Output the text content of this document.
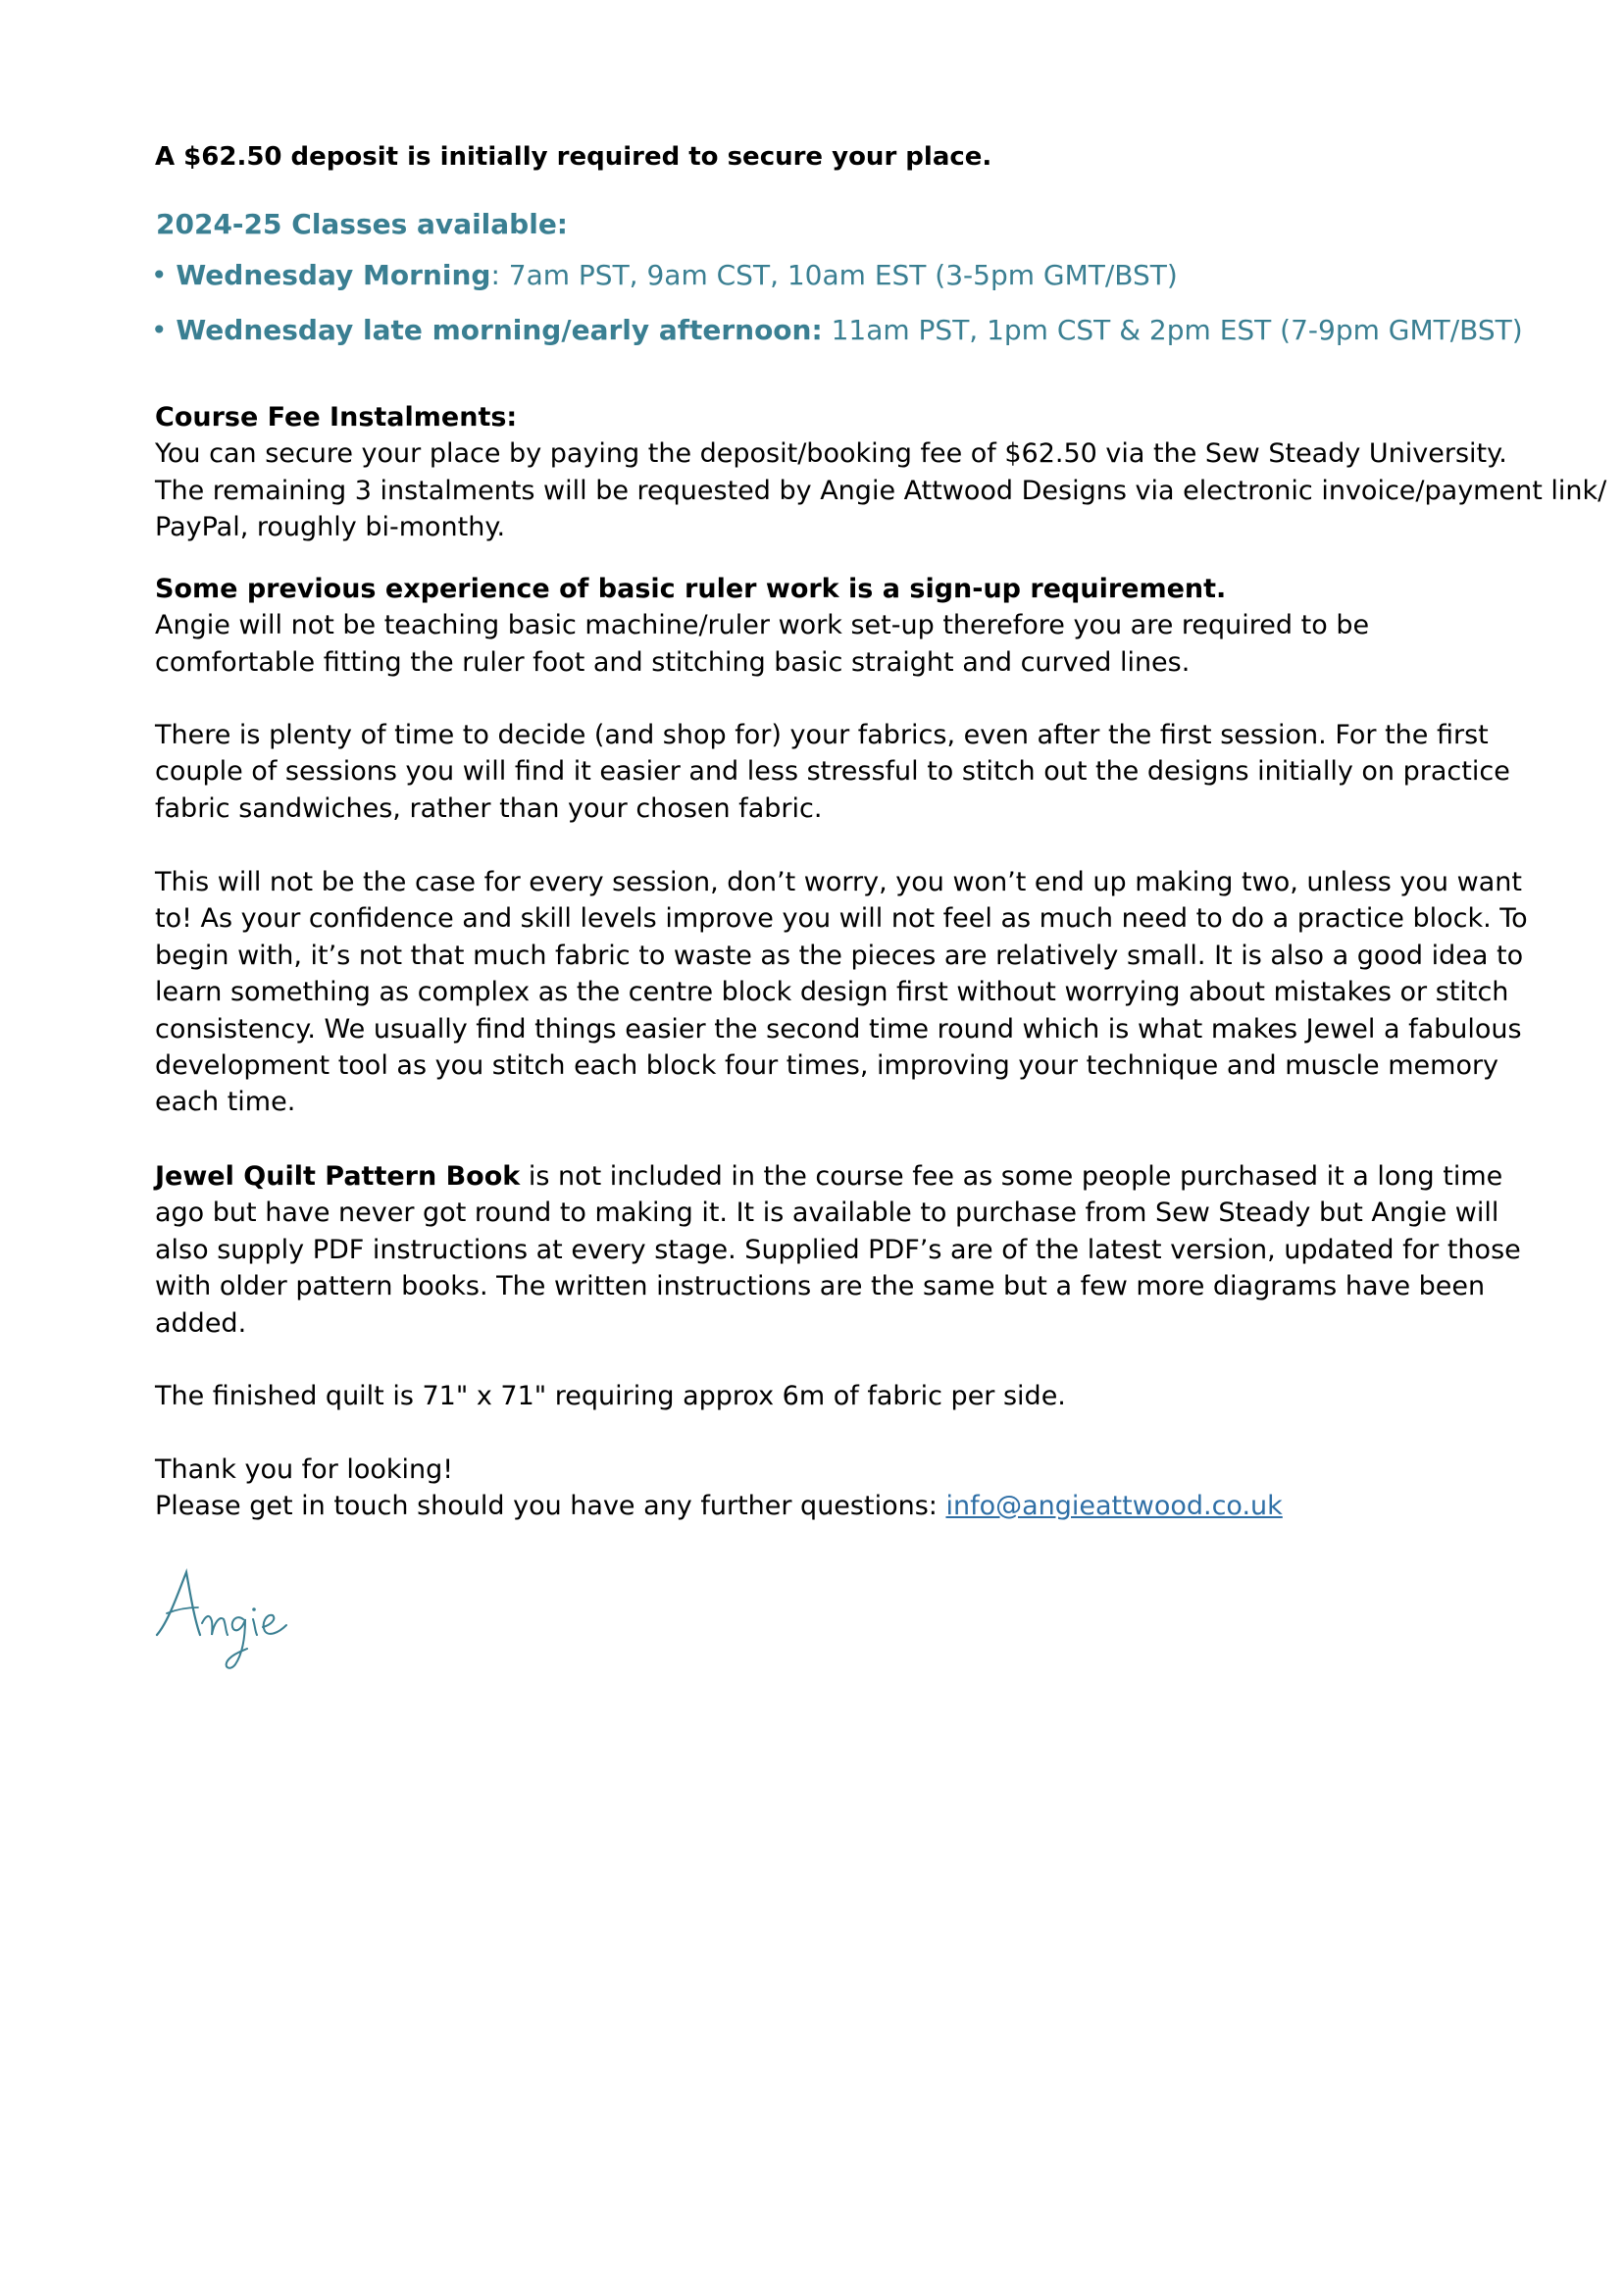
A $62.50 deposit is initially required to secure your place.

2024-25 Classes available:

• Wednesday Morning: 7am PST, 9am CST, 10am EST (3-5pm GMT/BST)

• Wednesday late morning/early afternoon: 11am PST, 1pm CST & 2pm EST (7-9pm GMT/BST)

Course Fee Instalments:
You can secure your place by paying the deposit/booking fee of $62.50 via the Sew Steady University.
The remaining 3 instalments will be requested by Angie Attwood Designs via electronic invoice/payment link/
PayPal, roughly bi-monthy.
Some previous experience of basic ruler work is a sign-up requirement.
Angie will not be teaching basic machine/ruler work set-up therefore you are required to be
comfortable fitting the ruler foot and stitching basic straight and curved lines.
There is plenty of time to decide (and shop for) your fabrics, even after the first session. For the first
couple of sessions you will find it easier and less stressful to stitch out the designs initially on practice
fabric sandwiches, rather than your chosen fabric.
This will not be the case for every session, don’t worry, you won’t end up making two, unless you want
to! As your confidence and skill levels improve you will not feel as much need to do a practice block. To
begin with, it’s not that much fabric to waste as the pieces are relatively small. It is also a good idea to
learn something as complex as the centre block design first without worrying about mistakes or stitch
consistency. We usually find things easier the second time round which is what makes Jewel a fabulous
development tool as you stitch each block four times, improving your technique and muscle memory
each time.
Jewel Quilt Pattern Book is not included in the course fee as some people purchased it a long time
ago but have never got round to making it. It is available to purchase from Sew Steady but Angie will
also supply PDF instructions at every stage. Supplied PDF’s are of the latest version, updated for those
with older pattern books. The written instructions are the same but a few more diagrams have been
added.
The finished quilt is 71" x 71" requiring approx 6m of fabric per side.
Thank you for looking!
Please get in touch should you have any further questions: info@angieattwood.co.uk
